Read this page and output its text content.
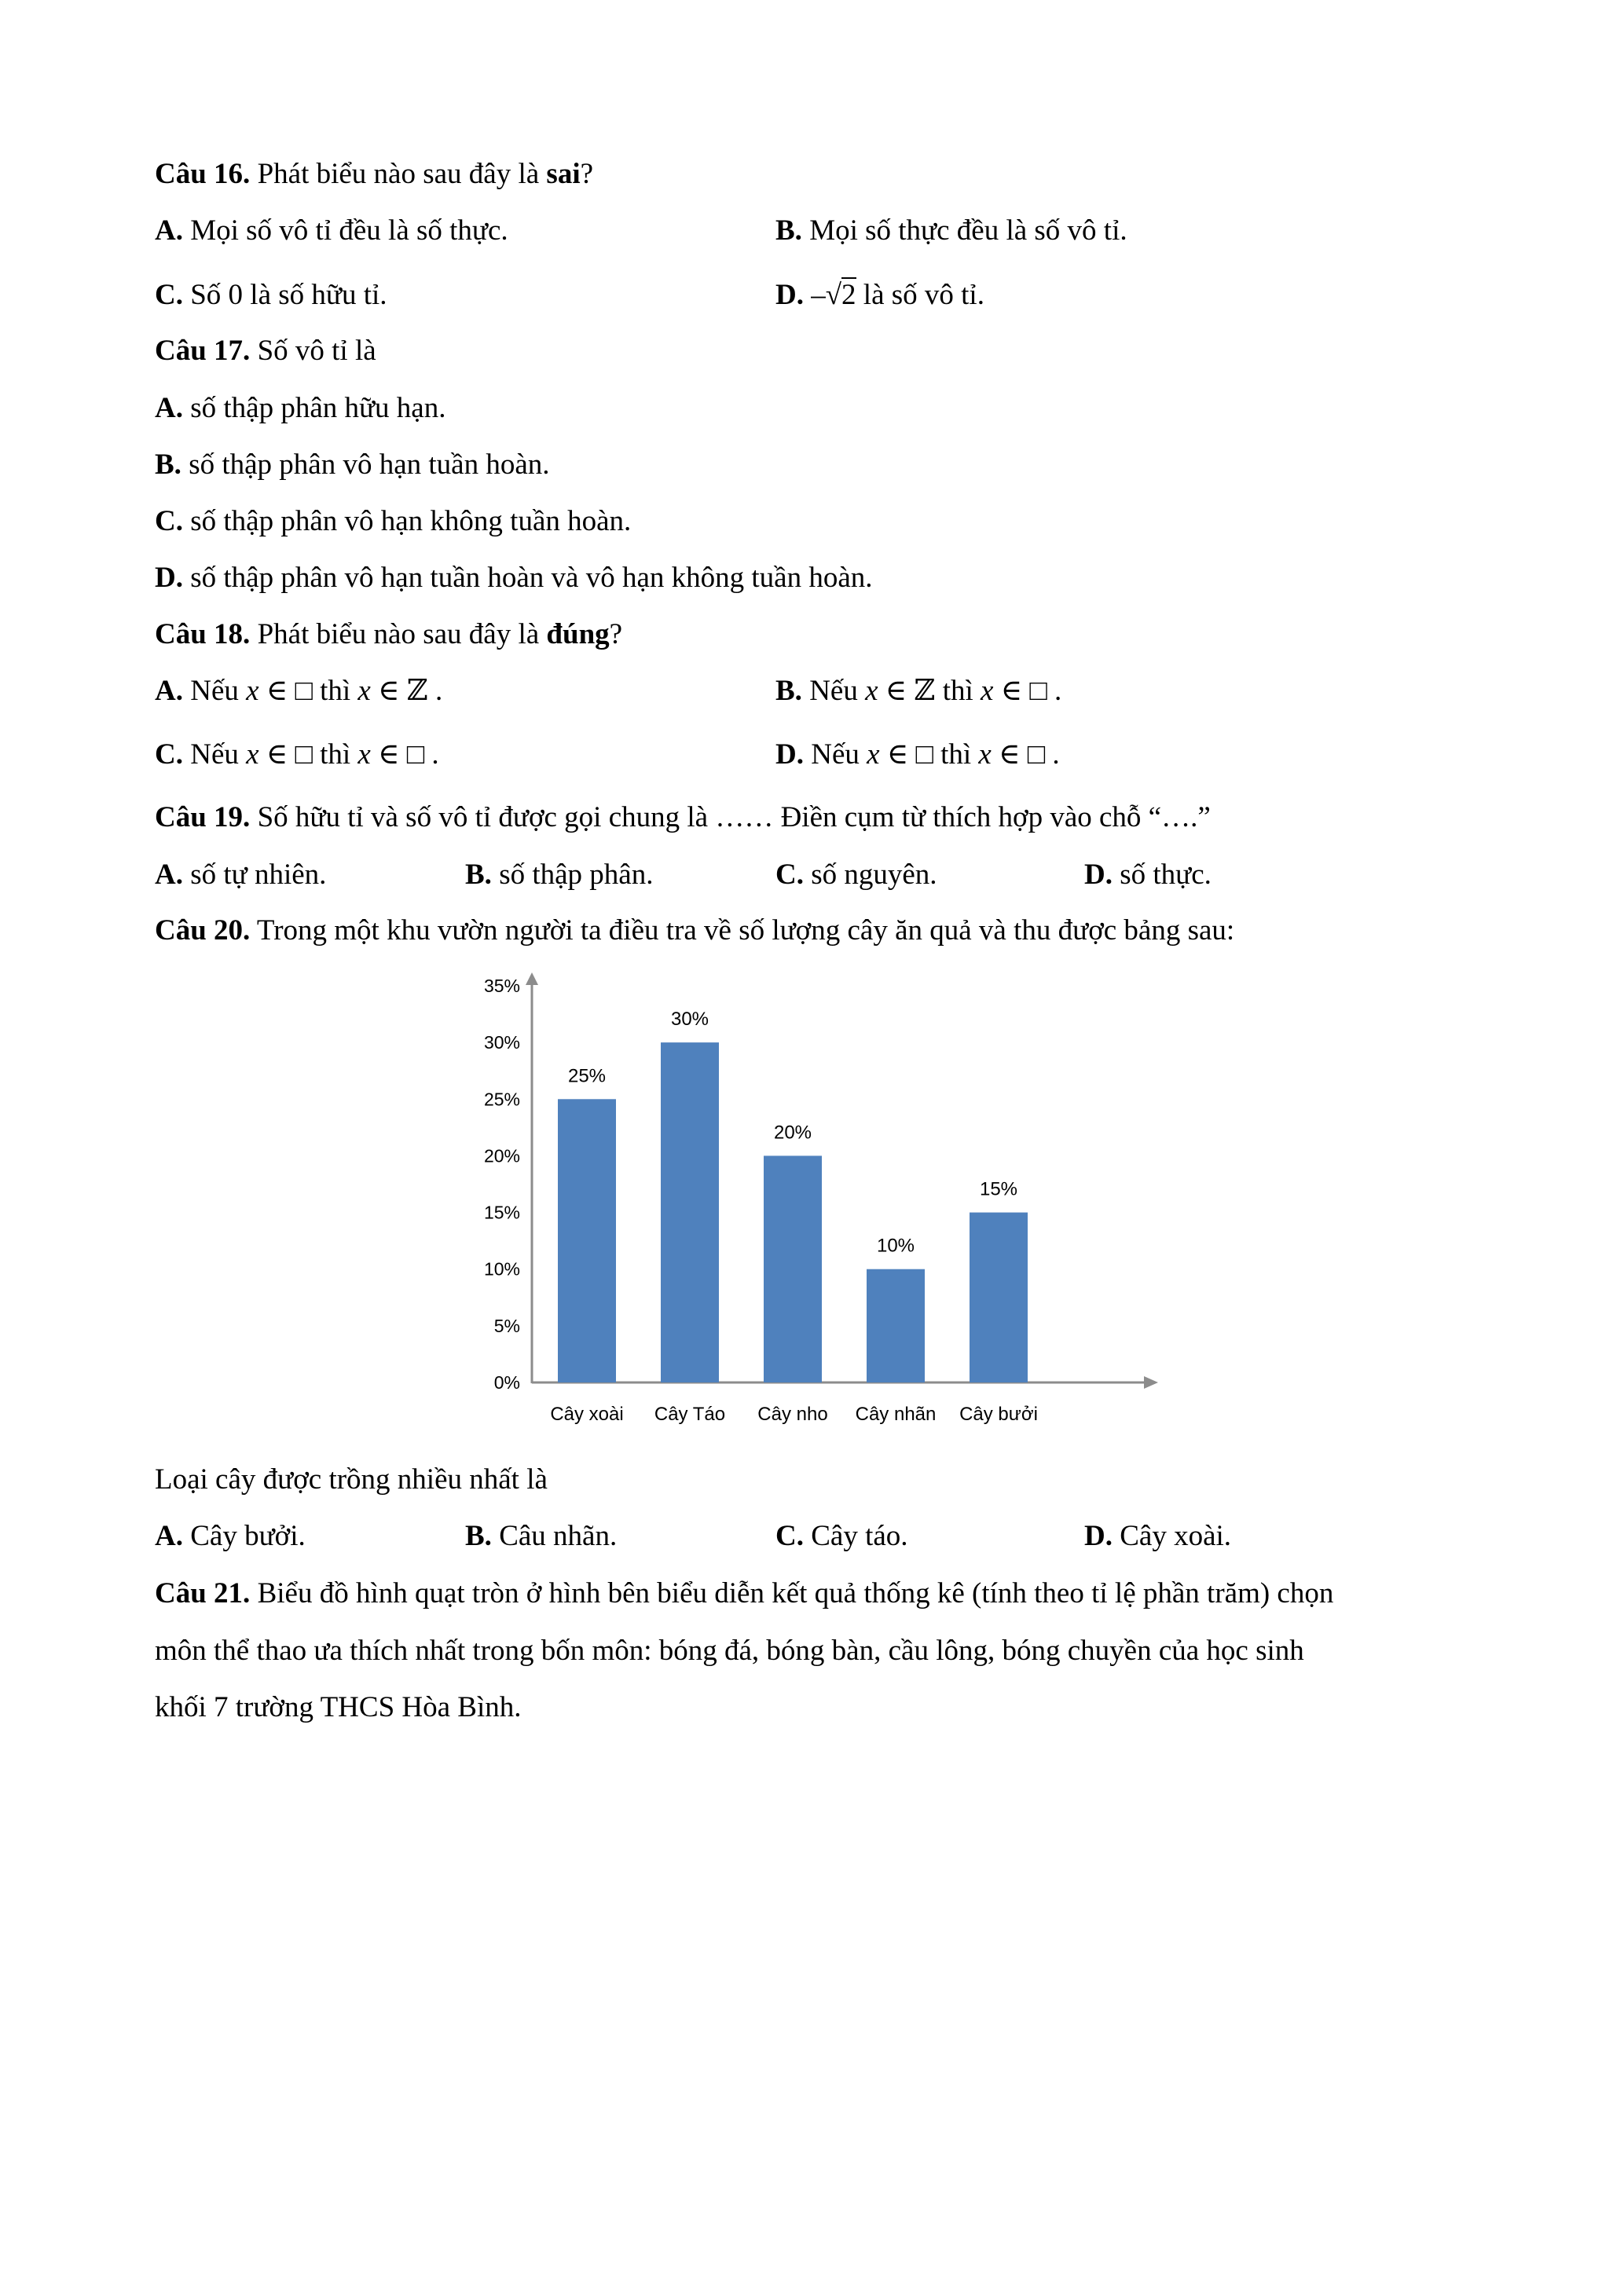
Câu 16. Phát biểu nào sau đây là sai?
A. Mọi số vô tỉ đều là số thực.	B. Mọi số thực đều là số vô tỉ.
C. Số 0 là số hữu tỉ.	D. –√2 là số vô tỉ.
Câu 17. Số vô tỉ là
A. số thập phân hữu hạn.
B. số thập phân vô hạn tuần hoàn.
C. số thập phân vô hạn không tuần hoàn.
D. số thập phân vô hạn tuần hoàn và vô hạn không tuần hoàn.
Câu 18. Phát biểu nào sau đây là đúng?
A. Nếu x ∈ □ thì x ∈ ℤ .	B. Nếu x ∈ ℤ thì x ∈ □ .
C. Nếu x ∈ □ thì x ∈ □ .	D. Nếu x ∈ □ thì x ∈ □ .
Câu 19. Số hữu tỉ và số vô tỉ được gọi chung là …… Điền cụm từ thích hợp vào chỗ “….”
A. số tự nhiên.	B. số thập phân.	C. số nguyên.	D. số thực.
Câu 20. Trong một khu vườn người ta điều tra về số lượng cây ăn quả và thu được bảng sau:
0%
5%
10%
15%
20%
25%
30%
35%
25%
Cây xoài
30%
Cây Táo
20%
Cây nho
10%
Cây nhãn
15%
Cây bưởi
Loại cây được trồng nhiều nhất là
A. Cây bưởi.	B. Câu nhãn.	C. Cây táo.	D. Cây xoài.
Câu 21. Biểu đồ hình quạt tròn ở hình bên biểu diễn kết quả thống kê (tính theo tỉ lệ phần trăm) chọn
môn thể thao ưa thích nhất trong bốn môn: bóng đá, bóng bàn, cầu lông, bóng chuyền của học sinh
khối 7 trường THCS Hòa Bình.
